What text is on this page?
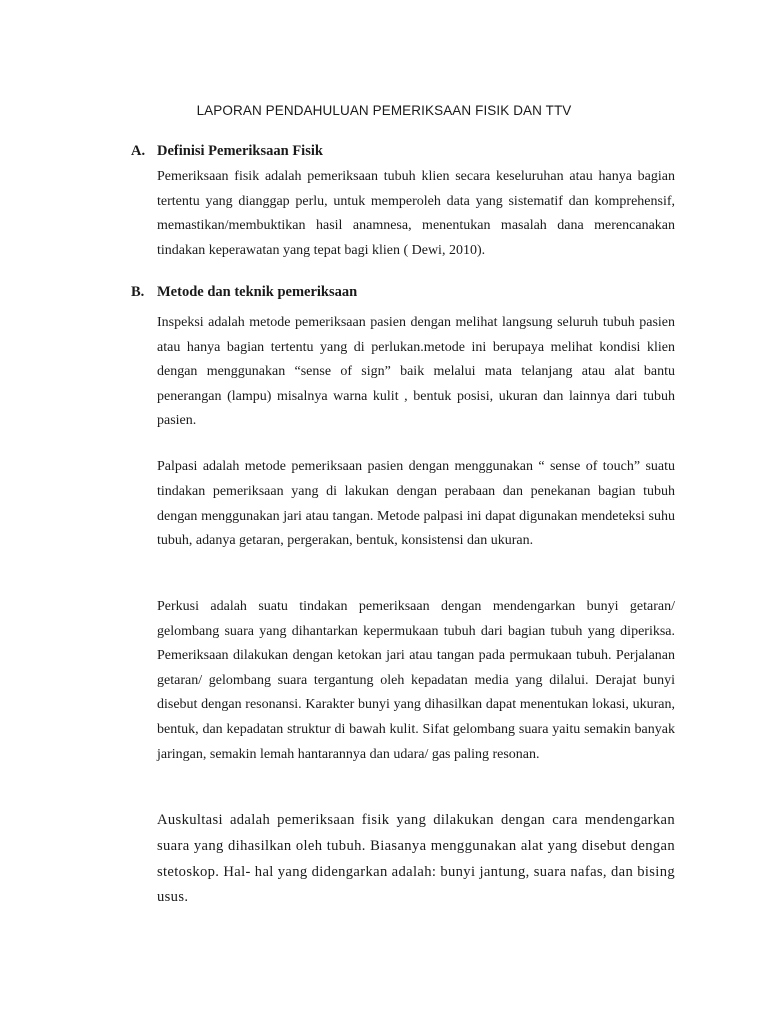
LAPORAN PENDAHULUAN PEMERIKSAAN FISIK DAN TTV
A. Definisi Pemeriksaan Fisik

Pemeriksaan fisik adalah pemeriksaan tubuh klien secara keseluruhan atau hanya bagian tertentu yang dianggap perlu, untuk memperoleh data yang sistematif dan komprehensif, memastikan/membuktikan hasil anamnesa, menentukan masalah dana merencanakan tindakan keperawatan yang tepat bagi klien ( Dewi, 2010).

B. Metode dan teknik pemeriksaan

Inspeksi adalah metode pemeriksaan pasien dengan melihat langsung seluruh tubuh pasien atau hanya bagian tertentu yang di perlukan.metode ini berupaya melihat kondisi klien dengan menggunakan “sense of sign” baik melalui mata telanjang atau alat bantu penerangan (lampu) misalnya warna kulit , bentuk posisi, ukuran dan lainnya dari tubuh pasien.

Palpasi adalah metode pemeriksaan pasien dengan menggunakan “ sense of touch” suatu tindakan pemeriksaan yang di lakukan dengan perabaan dan penekanan bagian tubuh dengan menggunakan jari atau tangan. Metode palpasi ini dapat digunakan mendeteksi suhu tubuh, adanya getaran, pergerakan, bentuk, konsistensi dan ukuran.

Perkusi adalah suatu tindakan pemeriksaan dengan mendengarkan bunyi getaran/ gelombang suara yang dihantarkan kepermukaan tubuh dari bagian tubuh yang diperiksa. Pemeriksaan dilakukan dengan ketokan jari atau tangan pada permukaan tubuh. Perjalanan getaran/ gelombang suara tergantung oleh kepadatan media yang dilalui. Derajat bunyi disebut dengan resonansi. Karakter bunyi yang dihasilkan dapat menentukan lokasi, ukuran, bentuk, dan kepadatan struktur di bawah kulit. Sifat gelombang suara yaitu semakin banyak jaringan, semakin lemah hantarannya dan udara/ gas paling resonan.

Auskultasi adalah pemeriksaan fisik yang dilakukan dengan cara mendengarkan suara yang dihasilkan oleh tubuh. Biasanya menggunakan alat yang disebut dengan stetoskop. Hal- hal yang didengarkan adalah: bunyi jantung, suara nafas, dan bising usus.
